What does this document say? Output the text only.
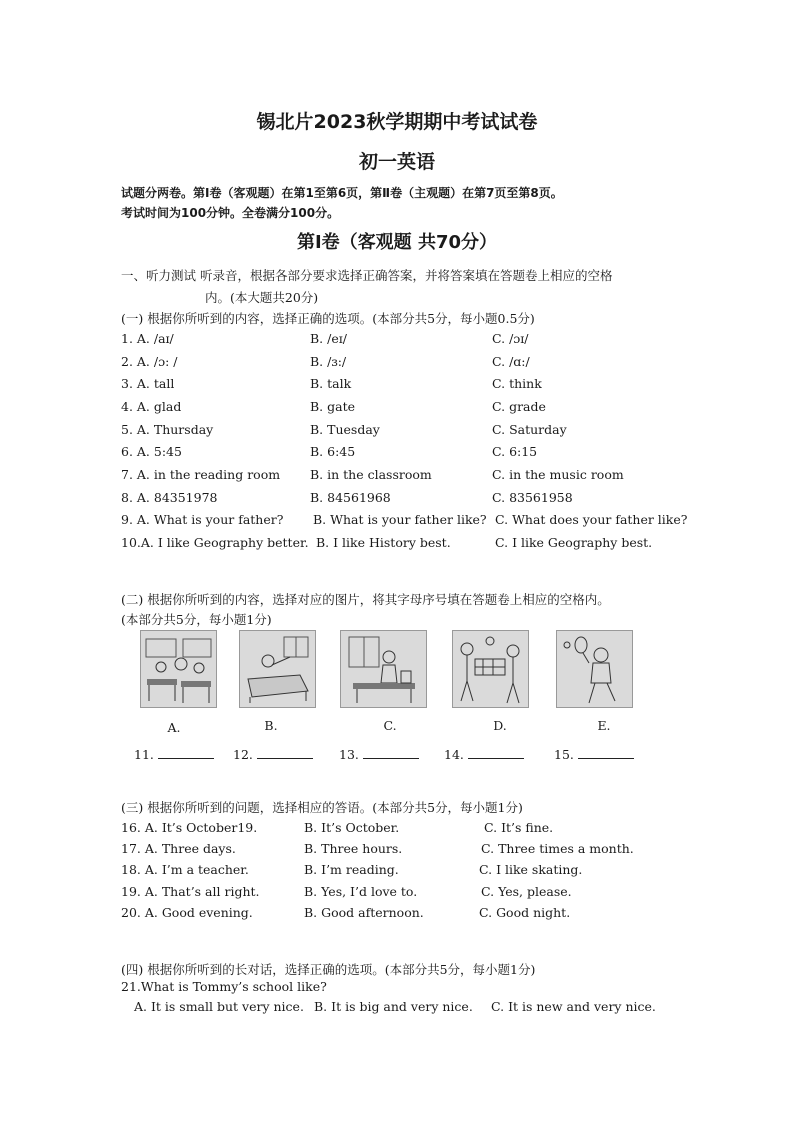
锡北片2023秋学期期中考试试卷
初一英语
试题分两卷。第Ⅰ卷（客观题）在第1至第6页，第Ⅱ卷（主观题）在第7页至第8页。
考试时间为100分钟。全卷满分100分。
第Ⅰ卷（客观题 共70分）
一、听力测试 听录音，根据各部分要求选择正确答案，并将答案填在答题卷上相应的空格
内。(本大题共20分)
(一) 根据你所听到的内容，选择正确的选项。(本部分共5分，每小题0.5分)
1. A. /aɪ/	B. /eɪ/	C. /ɔɪ/
2. A. /ɔ: /	B. /ɜ:/	C. /ɑ:/
3. A. tall	B. talk	C. think
4. A. glad	B. gate	C. grade
5. A. Thursday	B. Tuesday	C. Saturday
6. A. 5:45	B. 6:45	C. 6:15
7. A. in the reading room B. in the classroom	C. in the music room
8. A. 84351978	B. 84561968	C. 83561958
9. A. What is your father? B. What is your father like? C. What does your father like?
10.A. I like Geography better. B. I like History best.	C. I like Geography best.
(二) 根据你所听到的内容，选择对应的图片，将其字母序号填在答题卷上相应的空格内。
(本部分共5分，每小题1分)
A.	B.	C.	D.	E.
11.	12.	13.	14.	15.
(三) 根据你所听到的问题，选择相应的答语。(本部分共5分，每小题1分)
16. A. It’s October19.	B. It’s October.	C. It’s fine.
17. A. Three days.	B. Three hours.	C. Three times a month.
18. A. I’m a teacher.	B. I’m reading.	C. I like skating.
19. A. That’s all right.	B. Yes, I’d love to.	C. Yes, please.
20. A. Good evening.	B. Good afternoon.	C. Good night.
(四) 根据你所听到的长对话，选择正确的选项。(本部分共5分，每小题1分)
21.What is Tommy’s school like?
A. It is small but very nice. B. It is big and very nice. C. It is new and very nice.
